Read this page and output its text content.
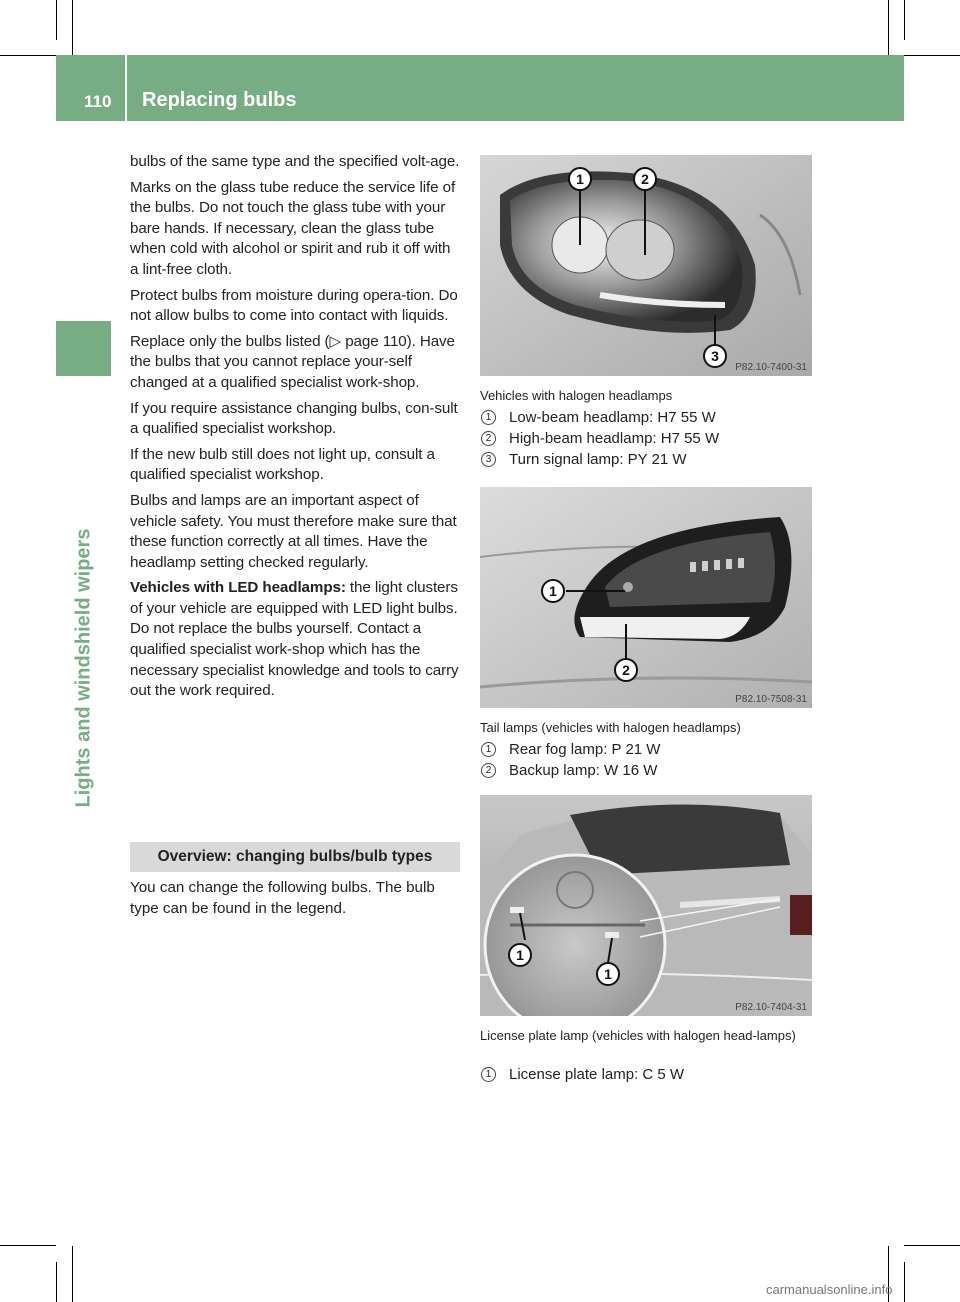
110 Replacing bulbs
Lights and windshield wipers

bulbs of the same type and the specified volt-age.

Marks on the glass tube reduce the service life of the bulbs. Do not touch the glass tube with your bare hands. If necessary, clean the glass tube when cold with alcohol or spirit and rub it off with a lint-free cloth.

Protect bulbs from moisture during opera-tion. Do not allow bulbs to come into contact with liquids.

Replace only the bulbs listed (▷ page 110). Have the bulbs that you cannot replace your-self changed at a qualified specialist work-shop.

If you require assistance changing bulbs, con-sult a qualified specialist workshop.

If the new bulb still does not light up, consult a qualified specialist workshop.

Bulbs and lamps are an important aspect of vehicle safety. You must therefore make sure that these function correctly at all times. Have the headlamp setting checked regularly.

Vehicles with LED headlamps: the light clusters of your vehicle are equipped with LED light bulbs. Do not replace the bulbs yourself. Contact a qualified specialist work-shop which has the necessary specialist knowledge and tools to carry out the work required.

Overview: changing bulbs/bulb types
You can change the following bulbs. The bulb type can be found in the legend.
1	2
3
P82.10-7400-31
Vehicles with halogen headlamps
1	Low-beam headlamp: H7 55 W
2	High-beam headlamp: H7 55 W
3	Turn signal lamp: PY 21 W
1
2
P82.10-7508-31
Tail lamps (vehicles with halogen headlamps)
1	Rear fog lamp: P 21 W
2	Backup lamp: W 16 W
1
1
P82.10-7404-31
License plate lamp (vehicles with halogen head-lamps)
1	License plate lamp: C 5 W
carmanualsonline.info
